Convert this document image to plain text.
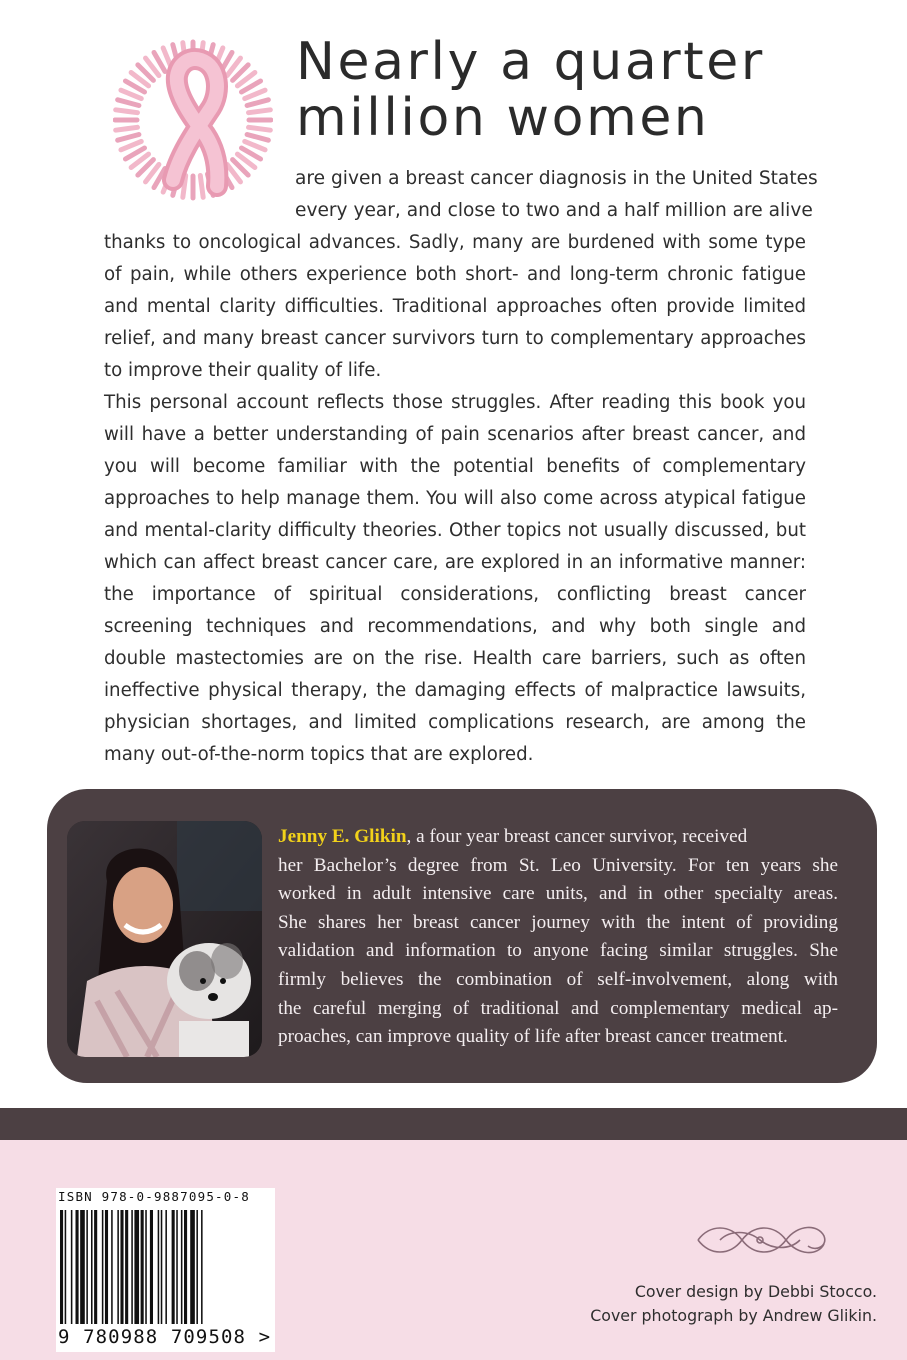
Nearly a quarter
million women
are given a breast cancer diagnosis in the United States
every year, and close to two and a half million are alive

thanks to oncological advances. Sadly, many are burdened with some type of pain, while others experience both short- and long-term chronic fatigue and mental clarity difficulties. Traditional approaches often provide limited relief, and many breast cancer survivors turn to complementary approaches to improve their quality of life.

This personal account reflects those struggles. After reading this book you will have a better understanding of pain scenarios after breast cancer, and you will become familiar with the potential benefits of complementary approaches to help manage them. You will also come across atypical fatigue and mental-clarity difficulty theories. Other topics not usually discussed, but which can affect breast cancer care, are explored in an informative manner: the importance of spiritual considerations, conflicting breast cancer screening techniques and recommendations, and why both single and double mastectomies are on the rise. Health care barriers, such as often ineffective physical therapy, the damaging effects of malpractice lawsuits, physician shortages, and limited complications research, are among the many out-of-the-norm topics that are explored.

Jenny E. Glikin, a four year breast cancer survivor, received
her Bachelor’s degree from St. Leo University. For ten years she
worked in adult intensive care units, and in other specialty areas.
She shares her breast cancer journey with the intent of providing
validation and information to anyone facing similar struggles. She
firmly believes the combination of self-involvement, along with
the careful merging of traditional and complementary medical ap-
proaches, can improve quality of life after breast cancer treatment.
ISBN 978-0-9887095-0-8
9 780988 709508 >
Cover design by Debbi Stocco.
Cover photograph by Andrew Glikin.
